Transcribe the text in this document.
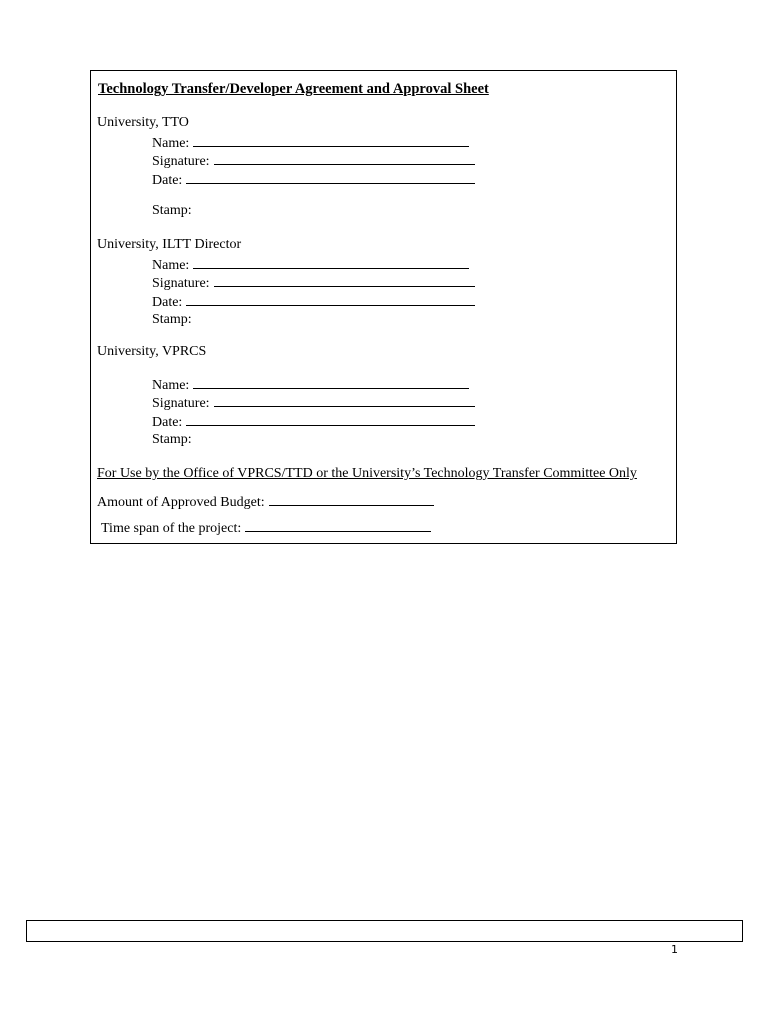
Technology Transfer/Developer Agreement and Approval Sheet
University, TTO
Name:
Signature:
Date:
Stamp:
University, ILTT Director
Name:
Signature:
Date:
Stamp:
University, VPRCS
Name:
Signature:
Date:
Stamp:
For Use by the Office of VPRCS/TTD or the University’s Technology Transfer Committee Only
Amount of Approved Budget:
Time span of the project:
1
